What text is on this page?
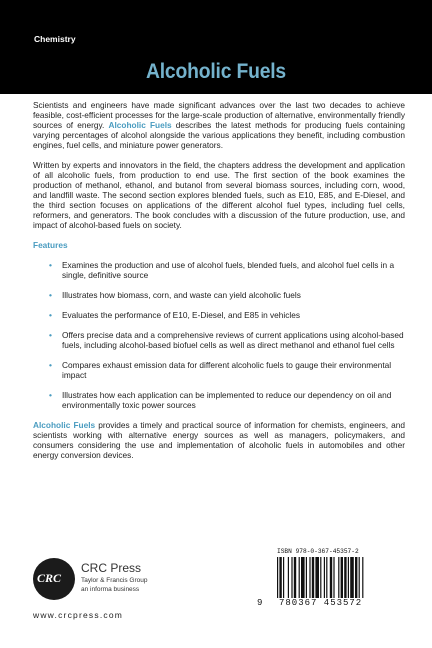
Chemistry
Alcoholic Fuels

Scientists and engineers have made significant advances over the last two decades to achieve feasible, cost-efficient processes for the large-scale production of alternative, environmentally friendly sources of energy. Alcoholic Fuels describes the latest methods for producing fuels containing varying percentages of alcohol alongside the various applications they benefit, including combustion engines, fuel cells, and miniature power generators.

Written by experts and innovators in the field, the chapters address the development and application of all alcoholic fuels, from production to end use. The first section of the book examines the production of methanol, ethanol, and butanol from several biomass sources, including corn, wood, and landfill waste. The second section explores blended fuels, such as E10, E85, and E-Diesel, and the third section focuses on applications of the different alcohol fuel types, including fuel cells, reformers, and generators. The book concludes with a discussion of the future production, use, and impact of alcohol-based fuels on society.

Features
• Examines the production and use of alcohol fuels, blended fuels, and alcohol fuel cells in a single, definitive source
• Illustrates how biomass, corn, and waste can yield alcoholic fuels
• Evaluates the performance of E10, E-Diesel, and E85 in vehicles
• Offers precise data and a comprehensive reviews of current applications using alcohol-based fuels, including alcohol-based biofuel cells as well as direct methanol and ethanol fuel cells
• Compares exhaust emission data for different alcoholic fuels to gauge their environmental impact
• Illustrates how each application can be implemented to reduce our dependency on oil and environmentally toxic power sources

Alcoholic Fuels provides a timely and practical source of information for chemists, engineers, and scientists working with alternative energy sources as well as managers, policymakers, and consumers considering the use and implementation of alcoholic fuels in automobiles and other energy conversion devices.

CRC
CRC Press
Taylor & Francis Group
an informa business
www.crcpress.com
ISBN 978-0-367-45357-2
9 780367 453572
